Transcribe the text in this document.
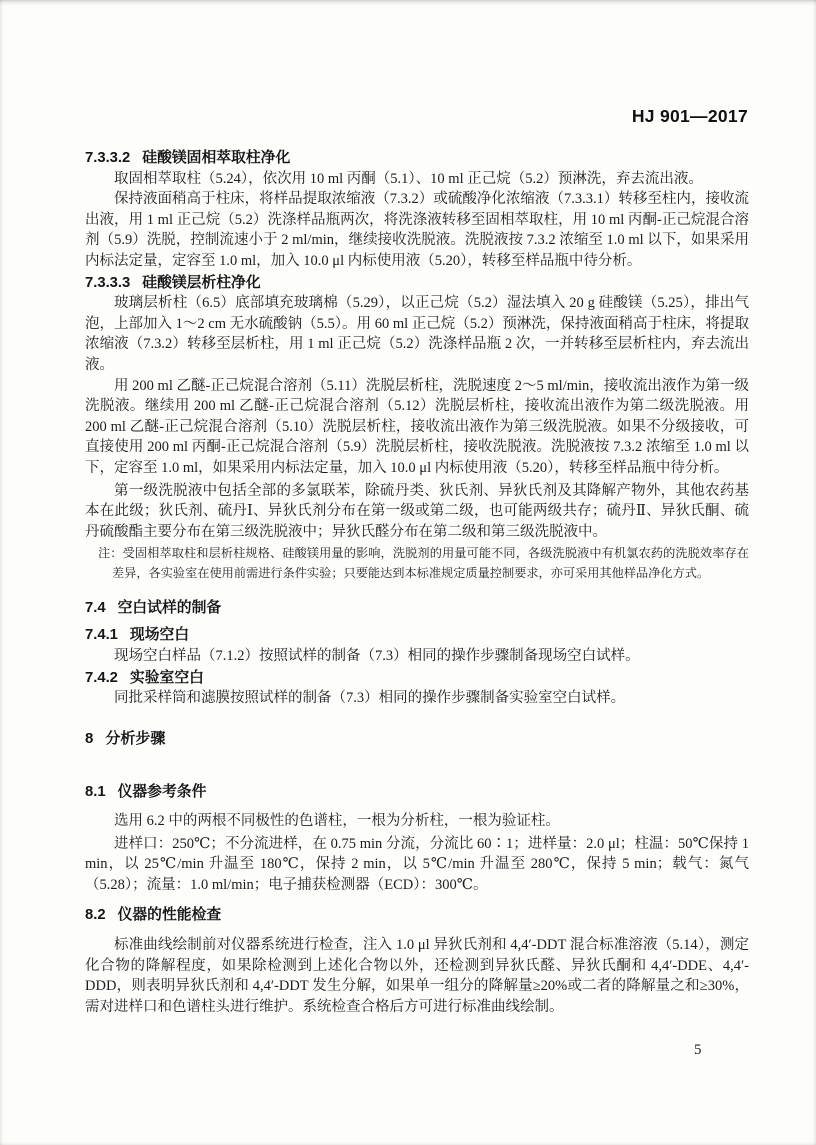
HJ 901—2017
7.3.3.2 硅酸镁固相萃取柱净化

取固相萃取柱（5.24），依次用 10 ml 丙酮（5.1）、10 ml 正己烷（5.2）预淋洗，弃去流出液。

保持液面稍高于柱床，将样品提取浓缩液（7.3.2）或硫酸净化浓缩液（7.3.3.1）转移至柱内，接收流出液，用 1 ml 正己烷（5.2）洗涤样品瓶两次，将洗涤液转移至固相萃取柱，用 10 ml 丙酮-正己烷混合溶剂（5.9）洗脱，控制流速小于 2 ml/min，继续接收洗脱液。洗脱液按 7.3.2 浓缩至 1.0 ml 以下，如果采用内标法定量，定容至 1.0 ml，加入 10.0 μl 内标使用液（5.20），转移至样品瓶中待分析。

7.3.3.3 硅酸镁层析柱净化

玻璃层析柱（6.5）底部填充玻璃棉（5.29），以正己烷（5.2）湿法填入 20 g 硅酸镁（5.25），排出气泡，上部加入 1～2 cm 无水硫酸钠（5.5）。用 60 ml 正己烷（5.2）预淋洗，保持液面稍高于柱床，将提取浓缩液（7.3.2）转移至层析柱，用 1 ml 正己烷（5.2）洗涤样品瓶 2 次，一并转移至层析柱内，弃去流出液。

用 200 ml 乙醚-正己烷混合溶剂（5.11）洗脱层析柱，洗脱速度 2～5 ml/min，接收流出液作为第一级洗脱液。继续用 200 ml 乙醚-正己烷混合溶剂（5.12）洗脱层析柱，接收流出液作为第二级洗脱液。用 200 ml 乙醚-正己烷混合溶剂（5.10）洗脱层析柱，接收流出液作为第三级洗脱液。如果不分级接收，可直接使用 200 ml 丙酮-正己烷混合溶剂（5.9）洗脱层析柱，接收洗脱液。洗脱液按 7.3.2 浓缩至 1.0 ml 以下，定容至 1.0 ml，如果采用内标法定量，加入 10.0 μl 内标使用液（5.20），转移至样品瓶中待分析。

第一级洗脱液中包括全部的多氯联苯，除硫丹类、狄氏剂、异狄氏剂及其降解产物外，其他农药基本在此级；狄氏剂、硫丹Ⅰ、异狄氏剂分布在第一级或第二级，也可能两级共存；硫丹Ⅱ、异狄氏酮、硫丹硫酸酯主要分布在第三级洗脱液中；异狄氏醛分布在第二级和第三级洗脱液中。

注：受固相萃取柱和层析柱规格、硅酸镁用量的影响，洗脱剂的用量可能不同，各级洗脱液中有机氯农药的洗脱效率存在差异，各实验室在使用前需进行条件实验；只要能达到本标准规定质量控制要求，亦可采用其他样品净化方式。
7.4 空白试样的制备
7.4.1 现场空白

现场空白样品（7.1.2）按照试样的制备（7.3）相同的操作步骤制备现场空白试样。

7.4.2 实验室空白

同批采样筒和滤膜按照试样的制备（7.3）相同的操作步骤制备实验室空白试样。

8 分析步骤
8.1 仪器参考条件

选用 6.2 中的两根不同极性的色谱柱，一根为分析柱，一根为验证柱。

进样口：250℃；不分流进样，在 0.75 min 分流，分流比 60∶1；进样量：2.0 μl；柱温：50℃保持 1 min，以 25℃/min 升温至 180℃，保持 2 min，以 5℃/min 升温至 280℃，保持 5 min；载气：氮气（5.28）；流量：1.0 ml/min；电子捕获检测器（ECD）：300℃。

8.2 仪器的性能检查

标准曲线绘制前对仪器系统进行检查，注入 1.0 μl 异狄氏剂和 4,4′-DDT 混合标准溶液（5.14），测定化合物的降解程度，如果除检测到上述化合物以外，还检测到异狄氏醛、异狄氏酮和 4,4′-DDE、4,4′-DDD，则表明异狄氏剂和 4,4′-DDT 发生分解，如果单一组分的降解量≥20%或二者的降解量之和≥30%，需对进样口和色谱柱头进行维护。系统检查合格后方可进行标准曲线绘制。

5
